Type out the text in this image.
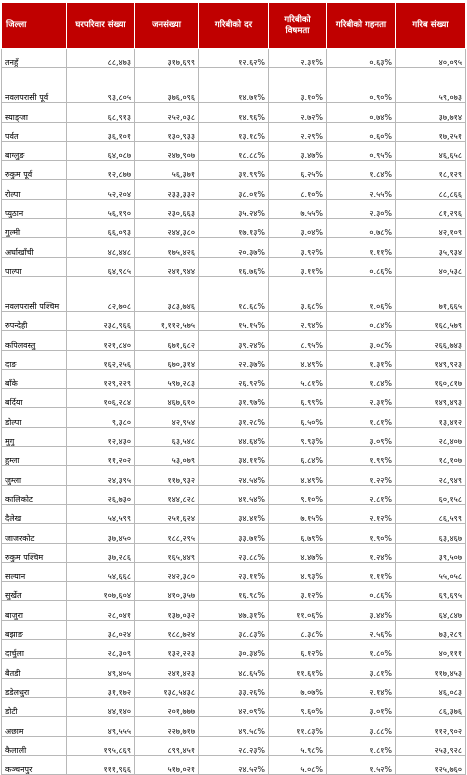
जिल्ला	घरपरिवार संख्या	जनसंख्या	गरिबीको दर	गरिबीको विषमता	गरिबीको गहनता	गरिब संख्या
तनहुँ	८८,४७३	३१७,६९९	१२.६२%	२.३१%	०.६३%	४०,०९५
नवलपरासी पूर्व	९३,८०५	३७६,०९६	१४.७१%	३.१०%	०.९०%	५९,०७३
स्याङ्जा	६८,९१३	२५२,०३८	१४.९६%	२.७२%	०.७४%	३७,७१४
पर्वत	३६,१०१	१३०,९३३	१३.१८%	२.२९%	०.६०%	१७,२५१
बाग्लुङ	६४,०८७	२४७,९०७	१८.८८%	३.४७%	०.९५%	४६,६५८
रुकुम पूर्व	१२,८७७	५६,३७१	३१.९९%	६.२५%	१.८४%	१८,१२९
रोल्पा	५२,२०४	२३३,३३२	३८.०१%	८.१०%	२.५५%	८८,८६६
प्युठान	५६,१९०	२३०,६६३	३५.२४%	७.५५%	२.३०%	८१,२९६
गुल्मी	६६,०९३	२४४,३८०	१७.१३%	३.०४%	०.७८%	४२,१०९
अर्घाखाँची	४८,४४८	१७५,४२६	२०.३७%	३.९२%	१.११%	३५,९३४
पाल्पा	६४,९८५	२४१,९४४	१६.७६%	३.११%	०.८६%	४०,५३८
नवलपरासी पश्चिम	८२,७०८	३८३,७४६	१८.६८%	३.६८%	१.०६%	७१,६६५
रुपन्देही	२३८,९६६	१,११२,५७५	१५.१५%	२.९४%	०.८४%	१६८,५७९
कपिलवस्तु	१२१,८४०	६७१,६८२	३९.२४%	८.९५%	३.०८%	२६६,७४३
दाङ	१६२,२५६	६७०,३१४	२२.३७%	४.४९%	१.३१%	१४९,९२३
बाँके	१२९,२२९	५९७,२८३	२६.९२%	५.८१%	१.८४%	१६०,८१७
बर्दिया	१०६,२८४	४६७,६१०	३१.९७%	६.९९%	२.३१%	१४९,४९३
डोल्पा	९,३८०	४२,९५४	३१.२८%	६.५०%	१.८१%	१३,४१२
मुगु	१२,४३०	६३,५४८	४४.६४%	९.९३%	३.०९%	२८,४०७
हुम्ला	११,२०२	५३,०७९	३४.११%	६.८४%	१.९९%	१८,१०७
जुम्ला	२४,३९५	११७,९३२	२४.५४%	४.४९%	१.२२%	२८,९४९
कालिकोट	२६,७३०	१४४,८२८	४१.५४%	९.१०%	२.८१%	६०,१५८
दैलेख	५४,५९९	२५१,६२४	३४.४१%	७.१५%	२.१२%	८६,५९९
जाजरकोट	३७,४५०	१८८,२९५	३३.७१%	६.७९%	१.९०%	६३,४६७
रुकुम पश्चिम	३७,२८६	१६५,४४९	२३.८८%	४.४७%	१.२४%	३९,५०७
सल्यान	५४,६६८	२४२,३८०	२३.११%	४.९३%	१.११%	५५,०५८
सुर्खेत	१०७,६०४	४१०,३५७	१६.९८%	३.१२%	०.८६%	६९,६९५
बाजुरा	२८,०४१	१३७,०३२	४७.३१%	११.०६%	३.४४%	६४,८४७
बझाङ	३८,०२४	१८८,७२४	३८.८३%	८.३८%	२.५६%	७३,२८९
दार्चुला	२८,३०९	१३२,२२३	३०.३४%	६.१२%	१.८०%	४०,१११
बैतडी	४९,४०५	२४१,४२३	४८.६५%	११.६१%	३.८१%	११७,४५३
डडेलधुरा	३१,१७२	१३८,५४३८	३३.२६%	७.०७%	२.१४%	४६,०८३
डोटी	४४,१४०	२०१,७७७	४२.०९%	९.६०%	३.०१%	८६,३७६
अछाम	४९,५५५	२२७,७१७	४९.५८%	११.८३%	३.८८%	११२,९०२
कैलाली	१९५,८६९	८९९,४५१	२८.२३%	५.९८%	१.८१%	२५३,९२८
कञ्चनपुर	१११,९६६	५१७,०२१	२४.५२%	५.०८%	१.५२%	१२५,७६०
